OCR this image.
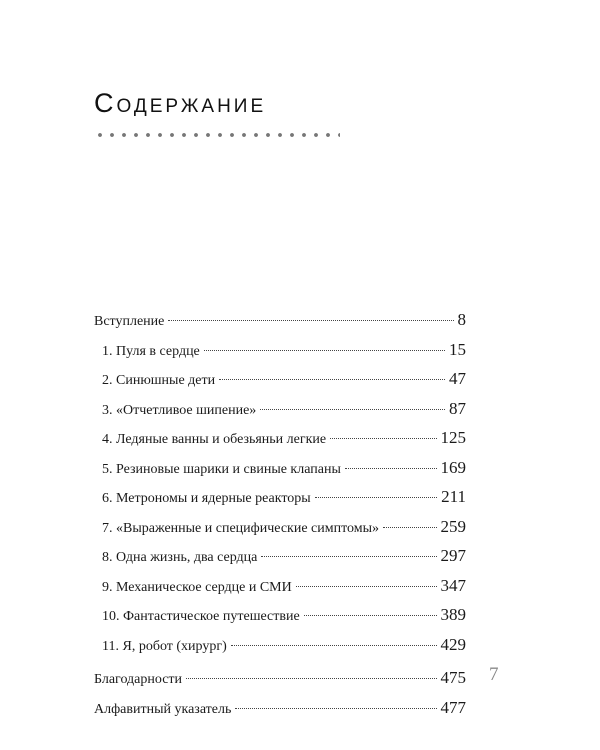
Содержание
Вступление	8
1. Пуля в сердце	15
2. Синюшные дети	47
3. «Отчетливое шипение»	87
4. Ледяные ванны и обезьяньи легкие	125
5. Резиновые шарики и свиные клапаны	169
6. Метрономы и ядерные реакторы	211
7. «Выраженные и специфические симптомы»	259
8. Одна жизнь, два сердца	297
9. Механическое сердце и СМИ	347
10. Фантастическое путешествие	389
11. Я, робот (хирург)	429
Благодарности	475
Алфавитный указатель	477
7
